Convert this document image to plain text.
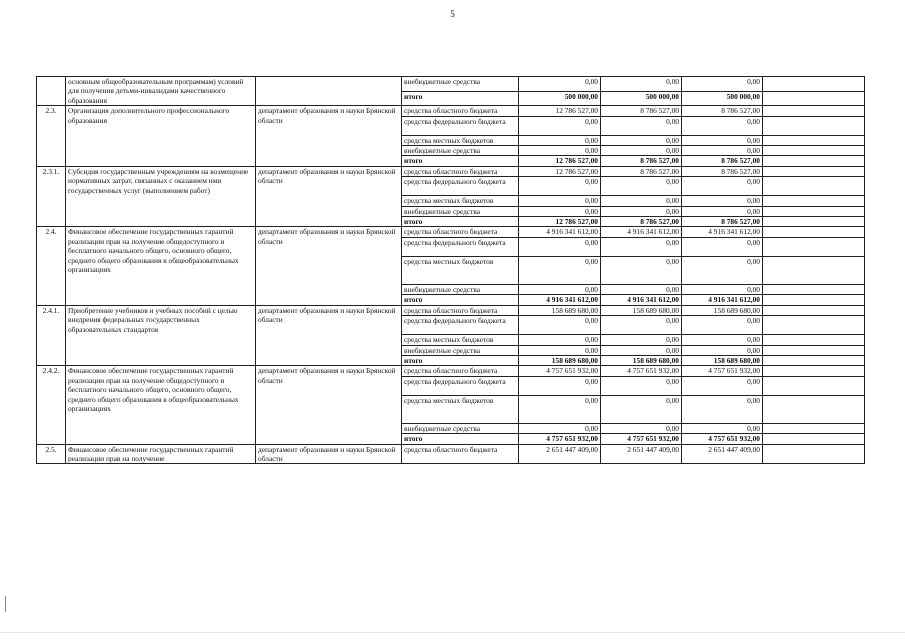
5
	основным общеобразовательным программам) условий для получения детьми-инвалидами качественного образования		внебюджетные средства	0,00	0,00	0,00	
			итого	500 000,00	500 000,00	500 000,00	
2.3.	Организация дополнительного профессионального образования	департамент образования и науки Брянской области	средства областного бюджета	12 786 527,00	8 786 527,00	8 786 527,00	
			средства федерального бюджета	0,00	0,00	0,00	
			средства местных бюджетов	0,00	0,00	0,00	
			внебюджетные средства	0,00	0,00	0,00	
			итого	12 786 527,00	8 786 527,00	8 786 527,00	
2.3.1.	Субсидия государственным учреждениям на возмещение нормативных затрат, связанных с оказанием ими государственных услуг (выполнением работ)	департамент образования и науки Брянской области	средства областного бюджета	12 786 527,00	8 786 527,00	8 786 527,00	
			средства федерального бюджета	0,00	0,00	0,00	
			средства местных бюджетов	0,00	0,00	0,00	
			внебюджетные средства	0,00	0,00	0,00	
			итого	12 786 527,00	8 786 527,00	8 786 527,00	
2.4.	Финансовое обеспечение государственных гарантий реализации прав на получение общедоступного и бесплатного начального общего, основного общего, среднего общего образования в общеобразовательных организациях	департамент образования и науки Брянской области	средства областного бюджета	4 916 341 612,00	4 916 341 612,00	4 916 341 612,00	
			средства федерального бюджета	0,00	0,00	0,00	
			средства местных бюджетов	0,00	0,00	0,00	
			внебюджетные средства	0,00	0,00	0,00	
			итого	4 916 341 612,00	4 916 341 612,00	4 916 341 612,00	
2.4.1.	Приобретение учебников и учебных пособий с целью внедрения федеральных государственных образовательных стандартов	департамент образования и науки Брянской области	средства областного бюджета	158 689 680,00	158 689 680,00	158 689 680,00	
			средства федерального бюджета	0,00	0,00	0,00	
			средства местных бюджетов	0,00	0,00	0,00	
			внебюджетные средства	0,00	0,00	0,00	
			итого	158 689 680,00	158 689 680,00	158 689 680,00	
2.4.2.	Финансовое обеспечение государственных гарантий реализации прав на получение общедоступного и бесплатного начального общего, основного общего, среднего общего образования в общеобразовательных организациях	департамент образования и науки Брянской области	средства областного бюджета	4 757 651 932,00	4 757 651 932,00	4 757 651 932,00	
			средства федерального бюджета	0,00	0,00	0,00	
			средства местных бюджетов	0,00	0,00	0,00	
			внебюджетные средства	0,00	0,00	0,00	
			итого	4 757 651 932,00	4 757 651 932,00	4 757 651 932,00	
2.5.	Финансовое обеспечение государственных гарантий реализации прав на получение	департамент образования и науки Брянской области	средства областного бюджета	2 651 447 409,00	2 651 447 409,00	2 651 447 409,00	
